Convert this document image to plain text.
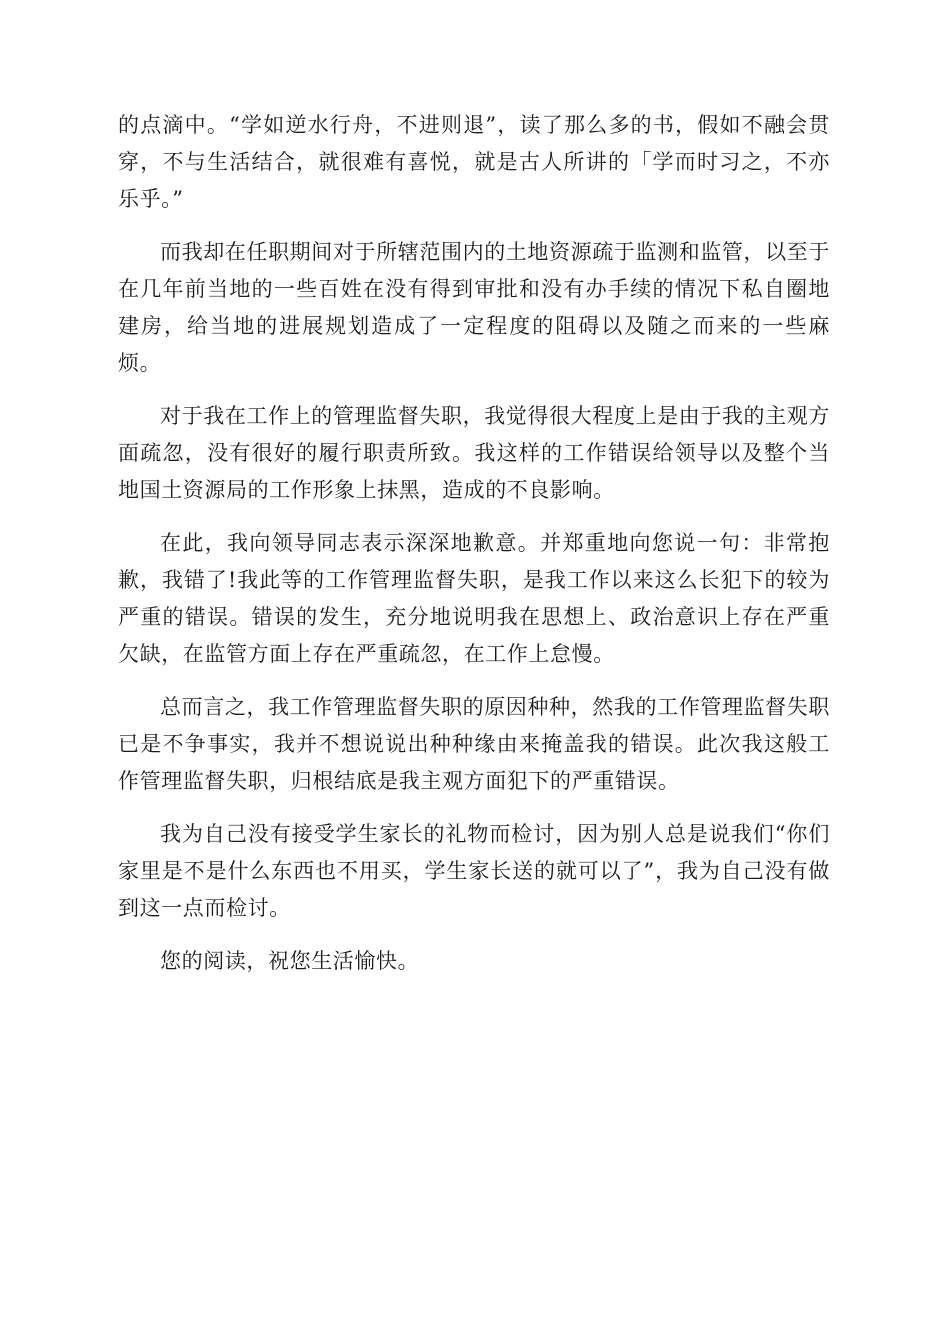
的点滴中。“学如逆水行舟，不进则退”，读了那么多的书，假如不融会贯穿，不与生活结合，就很难有喜悦，就是古人所讲的「学而时习之，不亦乐乎。”

而我却在任职期间对于所辖范围内的土地资源疏于监测和监管，以至于在几年前当地的一些百姓在没有得到审批和没有办手续的情况下私自圈地建房，给当地的进展规划造成了一定程度的阻碍以及随之而来的一些麻烦。

对于我在工作上的管理监督失职，我觉得很大程度上是由于我的主观方面疏忽，没有很好的履行职责所致。我这样的工作错误给领导以及整个当地国土资源局的工作形象上抹黑，造成的不良影响。

在此，我向领导同志表示深深地歉意。并郑重地向您说一句：非常抱歉，我错了!我此等的工作管理监督失职，是我工作以来这么长犯下的较为严重的错误。错误的发生，充分地说明我在思想上、政治意识上存在严重欠缺，在监管方面上存在严重疏忽，在工作上怠慢。

总而言之，我工作管理监督失职的原因种种，然我的工作管理监督失职已是不争事实，我并不想说说出种种缘由来掩盖我的错误。此次我这般工作管理监督失职，归根结底是我主观方面犯下的严重错误。

我为自己没有接受学生家长的礼物而检讨，因为别人总是说我们“你们家里是不是什么东西也不用买，学生家长送的就可以了”，我为自己没有做到这一点而检讨。

您的阅读，祝您生活愉快。
